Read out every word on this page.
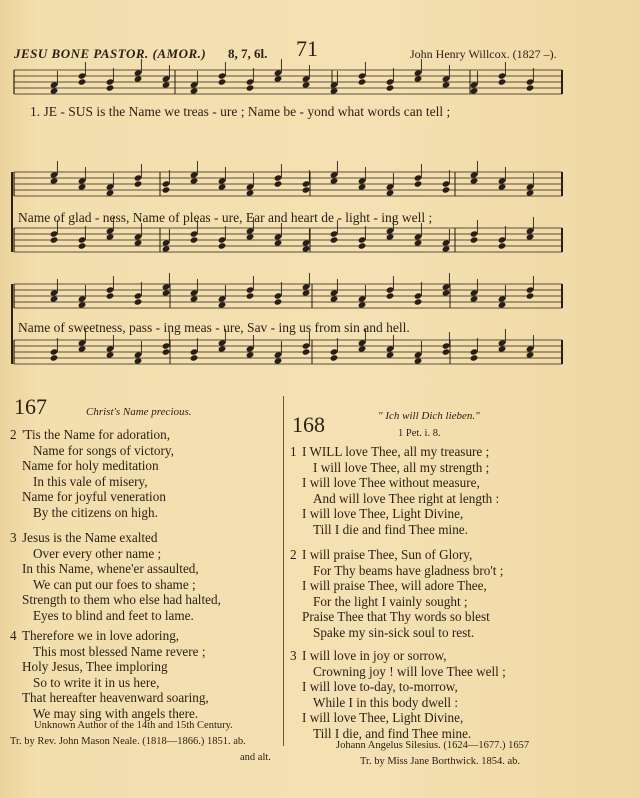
JESU BONE PASTOR. (AMOR.) 8, 7, 6l. 71	John Henry Willcox. (1827 –).
1. JE - SUS is the Name we treas - ure ; Name be - yond what words can tell ;
Name of glad - ness, Name of pleas - ure, Ear and heart de - light - ing well ;
Name of sweetness, pass - ing meas - ure, Sav - ing us from sin and hell.
167	Christ's Name precious.
2 'Tis the Name for adoration,
Name for songs of victory,
Name for holy meditation
In this vale of misery,
Name for joyful veneration
By the citizens on high.
3 Jesus is the Name exalted
Over every other name ;
In this Name, whene'er assaulted,
We can put our foes to shame ;
Strength to them who else had halted,
Eyes to blind and feet to lame.
4 Therefore we in love adoring,
This most blessed Name revere ;
Holy Jesus, Thee imploring
So to write it in us here,
That hereafter heavenward soaring,
We may sing with angels there.
Unknown Author of the 14th and 15th Century.
Tr. by Rev. John Mason Neale. (1818—1866.) 1851. ab.
and alt.
" Ich will Dich lieben."
168	1 Pet. i. 8.
1 I WILL love Thee, all my treasure ;
I will love Thee, all my strength ;
I will love Thee without measure,
And will love Thee right at length :
I will love Thee, Light Divine,
Till I die and find Thee mine.
2 I will praise Thee, Sun of Glory,
For Thy beams have gladness bro't ;
I will praise Thee, will adore Thee,
For the light I vainly sought ;
Praise Thee that Thy words so blest
Spake my sin-sick soul to rest.
3 I will love in joy or sorrow,
Crowning joy ! will love Thee well ;
I will love to-day, to-morrow,
While I in this body dwell :
I will love Thee, Light Divine,
Till I die, and find Thee mine.
Johann Angelus Silesius. (1624—1677.) 1657
Tr. by Miss Jane Borthwick. 1854. ab.
